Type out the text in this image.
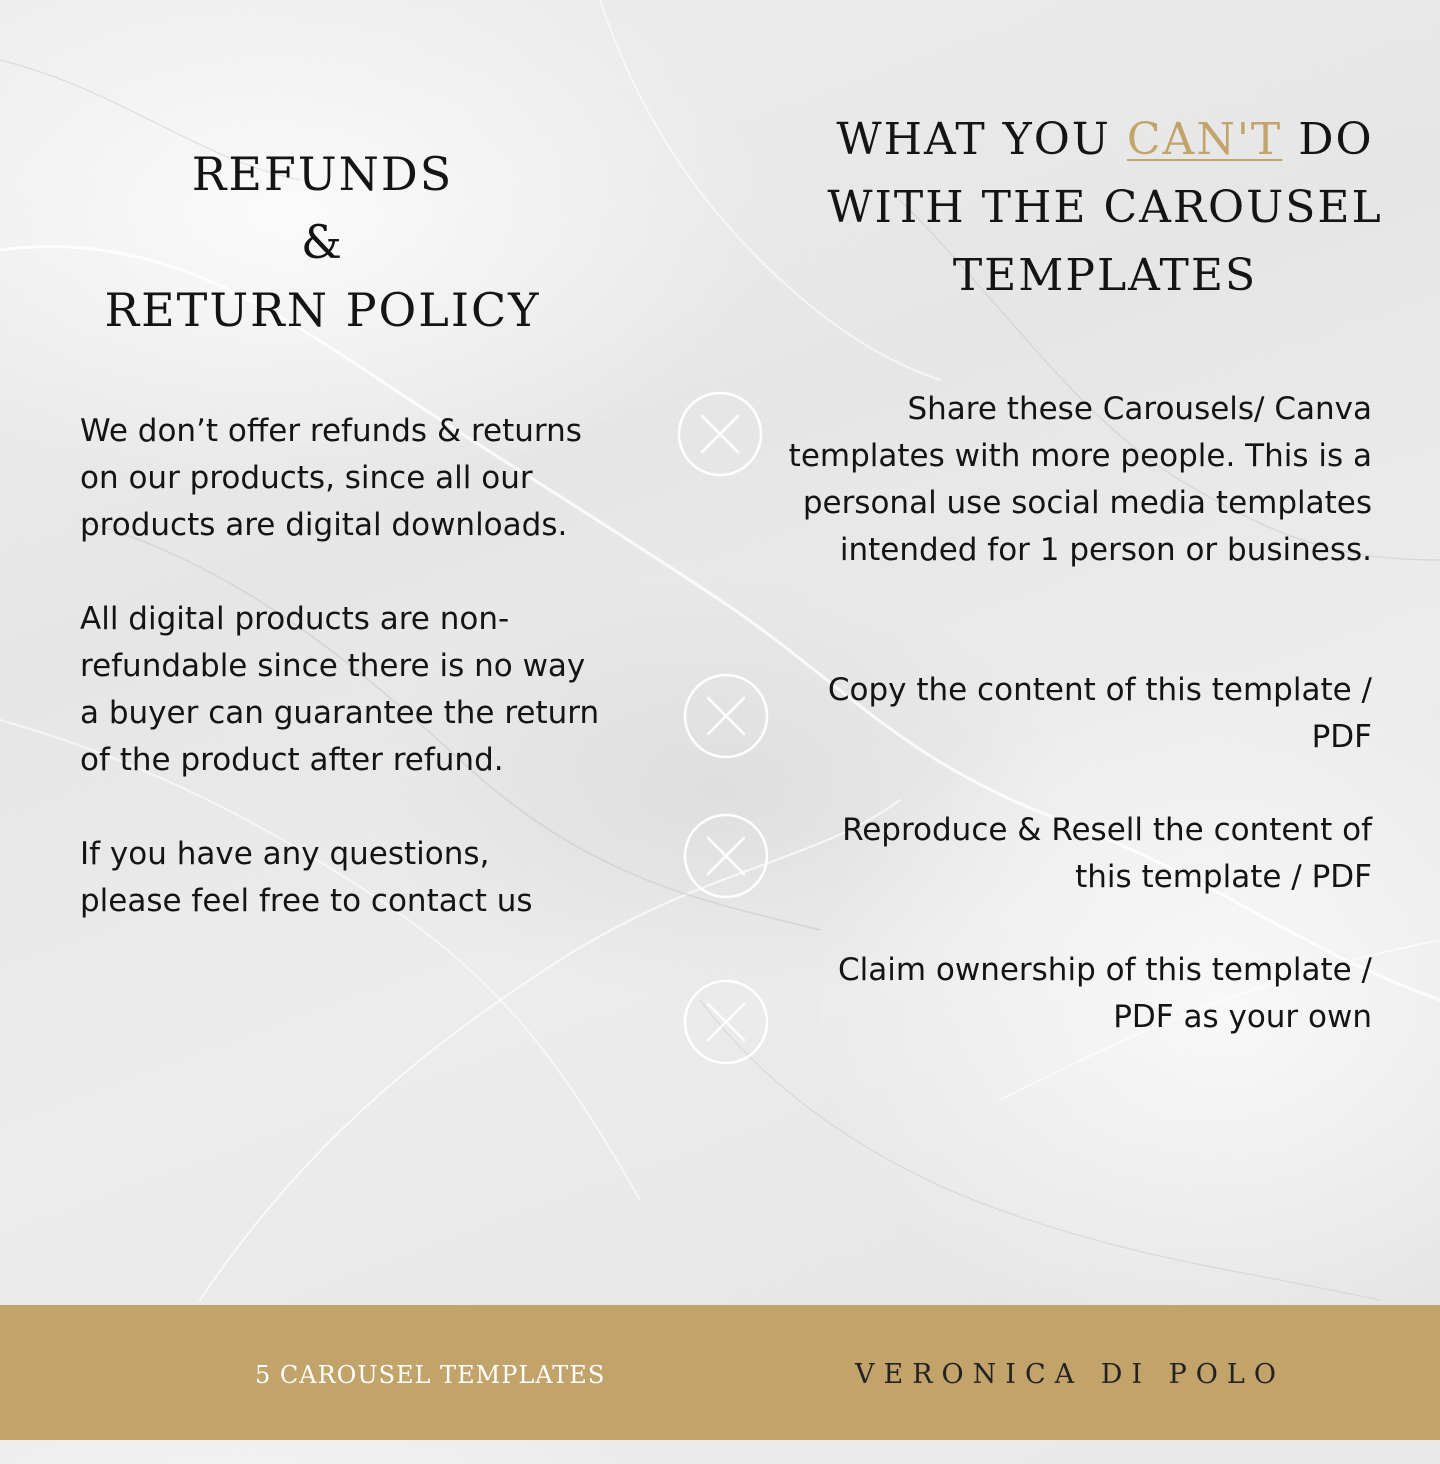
REFUNDS
&
RETURN POLICY

We don’t offer refunds & returns on our products, since all our products are digital downloads.

All digital products are non-refundable since there is no way a buyer can guarantee the return of the product after refund.

If you have any questions, please feel free to contact us

WHAT YOU CAN'T DO
WITH THE CAROUSEL
TEMPLATES
Share these Carousels/ Canva templates with more people. This is a personal use social media templates intended for 1 person or business.
Copy the content of this template / PDF
Reproduce & Resell the content of this template / PDF
Claim ownership of this template / PDF as your own
5 CAROUSEL TEMPLATES	VERONICA DI POLO
